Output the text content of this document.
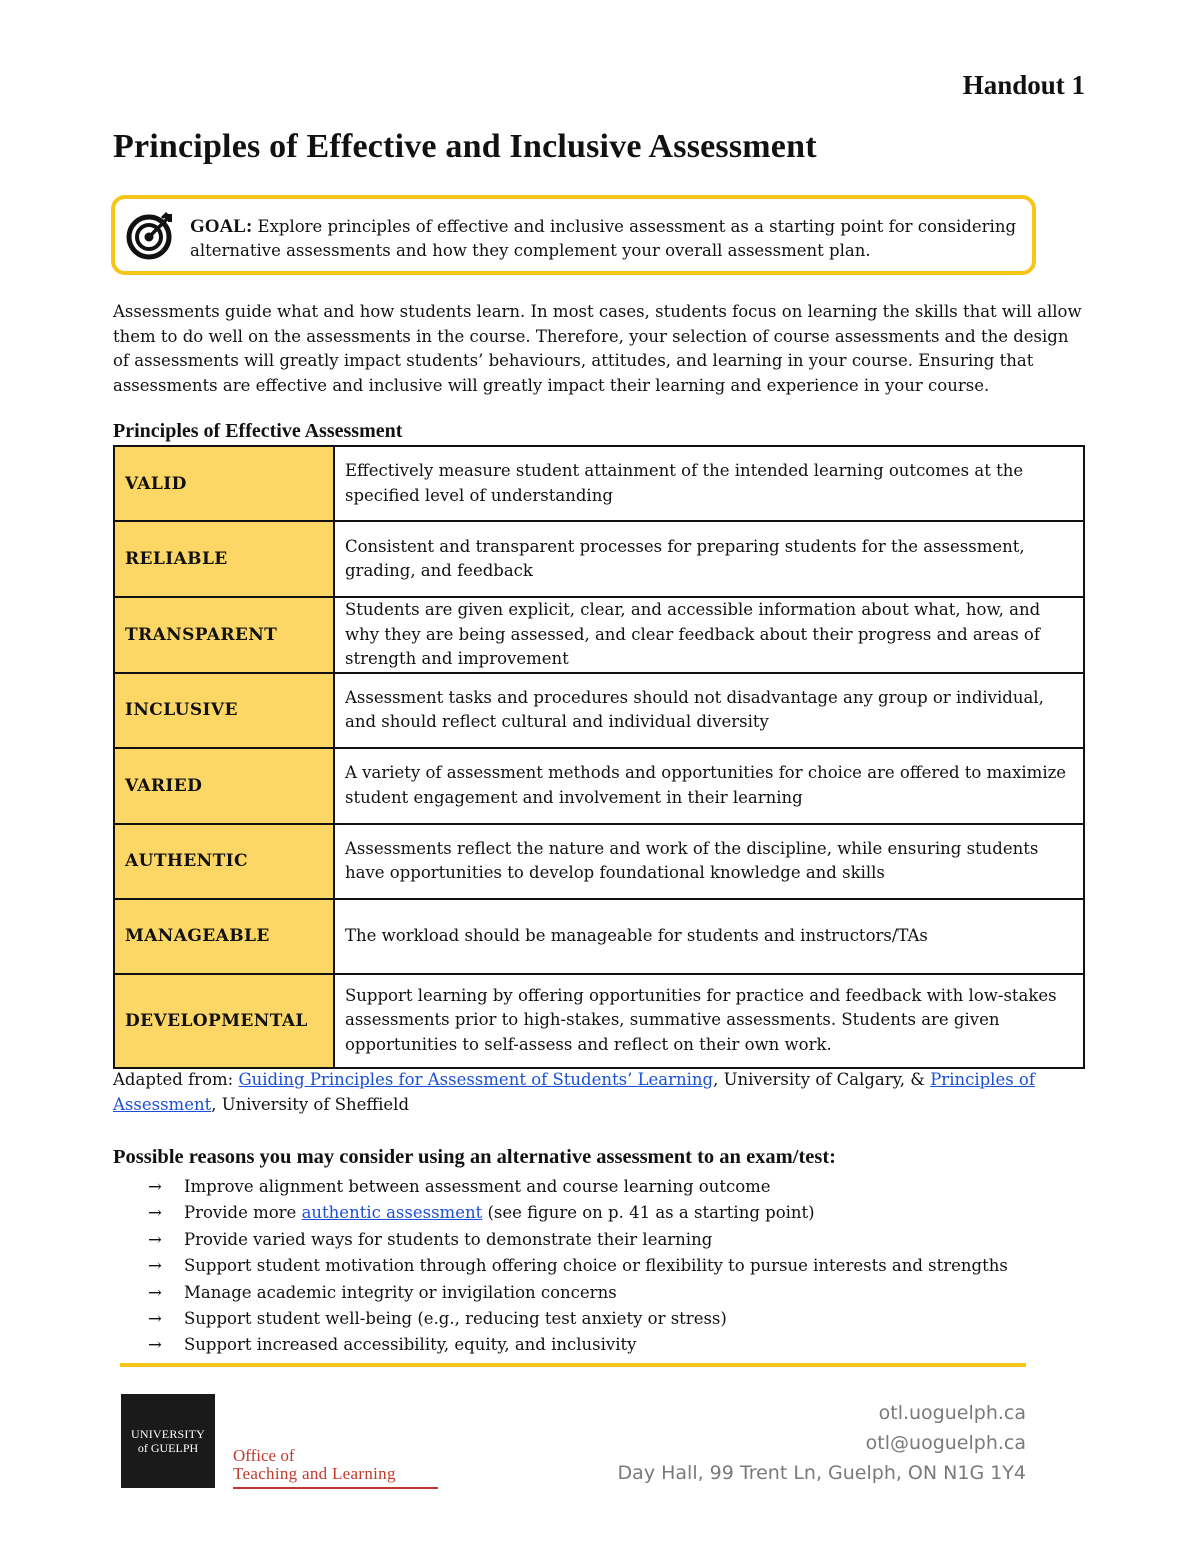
Handout 1
Principles of Effective and Inclusive Assessment
GOAL: Explore principles of effective and inclusive assessment as a starting point for considering alternative assessments and how they complement your overall assessment plan.

Assessments guide what and how students learn. In most cases, students focus on learning the skills that will allow them to do well on the assessments in the course. Therefore, your selection of course assessments and the design of assessments will greatly impact students’ behaviours, attitudes, and learning in your course. Ensuring that assessments are effective and inclusive will greatly impact their learning and experience in your course.

Principles of Effective Assessment
VALID	Effectively measure student attainment of the intended learning outcomes at the specified level of understanding
RELIABLE	Consistent and transparent processes for preparing students for the assessment, grading, and feedback
TRANSPARENT	Students are given explicit, clear, and accessible information about what, how, and why they are being assessed, and clear feedback about their progress and areas of strength and improvement
INCLUSIVE	Assessment tasks and procedures should not disadvantage any group or individual, and should reflect cultural and individual diversity
VARIED	A variety of assessment methods and opportunities for choice are offered to maximize student engagement and involvement in their learning
AUTHENTIC	Assessments reflect the nature and work of the discipline, while ensuring students have opportunities to develop foundational knowledge and skills
MANAGEABLE	The workload should be manageable for students and instructors/TAs
DEVELOPMENTAL	Support learning by offering opportunities for practice and feedback with low-stakes assessments prior to high-stakes, summative assessments. Students are given opportunities to self-assess and reflect on their own work.

Adapted from: Guiding Principles for Assessment of Students’ Learning, University of Calgary, & Principles of Assessment, University of Sheffield

Possible reasons you may consider using an alternative assessment to an exam/test:
→ Improve alignment between assessment and course learning outcome
→ Provide more authentic assessment (see figure on p. 41 as a starting point)
→ Provide varied ways for students to demonstrate their learning
→ Support student motivation through offering choice or flexibility to pursue interests and strengths
→ Manage academic integrity or invigilation concerns
→ Support student well-being (e.g., reducing test anxiety or stress)
→ Support increased accessibility, equity, and inclusivity
UNIVERSITY
of GUELPH	Office of
Teaching and Learning
otl.uoguelph.ca
otl@uoguelph.ca
Day Hall, 99 Trent Ln, Guelph, ON N1G 1Y4
